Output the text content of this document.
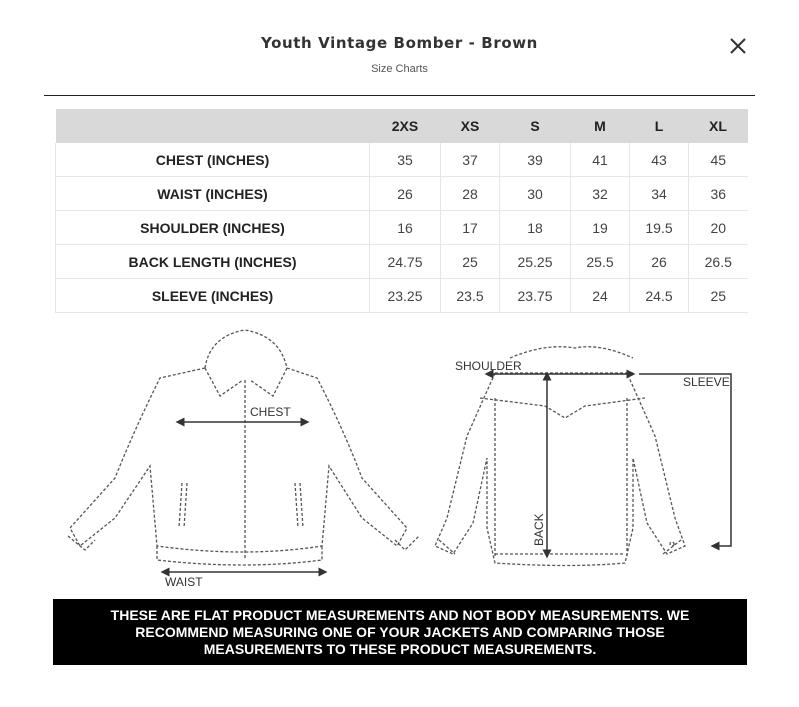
Youth Vintage Bomber - Brown
Size Charts
	2XS	XS	S	M	L	XL
CHEST (INCHES)	35	37	39	41	43	45
WAIST (INCHES)	26	28	30	32	34	36
SHOULDER (INCHES)	16	17	18	19	19.5	20
BACK LENGTH (INCHES)	24.75	25	25.25	25.5	26	26.5
SLEEVE (INCHES)	23.25	23.5	23.75	24	24.5	25
CHEST
WAIST
SHOULDER
BACK
SLEEVE
THESE ARE FLAT PRODUCT MEASUREMENTS AND NOT BODY MEASUREMENTS. WE RECOMMEND MEASURING ONE OF YOUR JACKETS AND COMPARING THOSE MEASUREMENTS TO THESE PRODUCT MEASUREMENTS.
